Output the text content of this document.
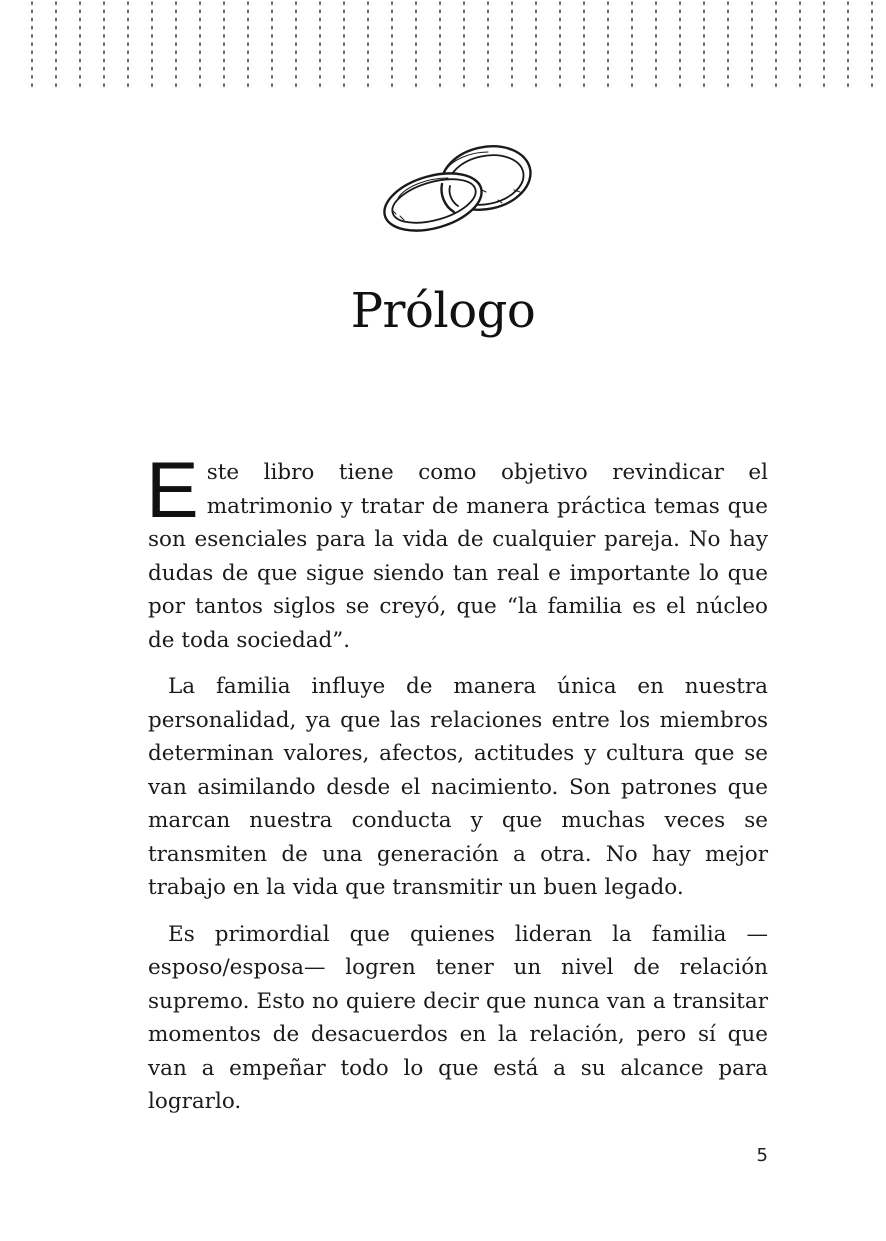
Prólogo

Este libro tiene como objetivo revindicar el matrimonio y tratar de manera práctica temas que son esenciales para la vida de cualquier pareja. No hay dudas de que sigue siendo tan real e importante lo que por tantos siglos se creyó, que “la familia es el núcleo de toda sociedad”.

La familia influye de manera única en nuestra personalidad, ya que las relaciones entre los miembros determinan valores, afectos, actitudes y cultura que se van asimilando desde el nacimiento. Son patrones que marcan nuestra conducta y que muchas veces se transmiten de una generación a otra. No hay mejor trabajo en la vida que transmitir un buen legado.

Es primordial que quienes lideran la familia —esposo/esposa— logren tener un nivel de relación supremo. Esto no quiere decir que nunca van a transitar momentos de desacuerdos en la relación, pero sí que van a empeñar todo lo que está a su alcance para lograrlo.

5
